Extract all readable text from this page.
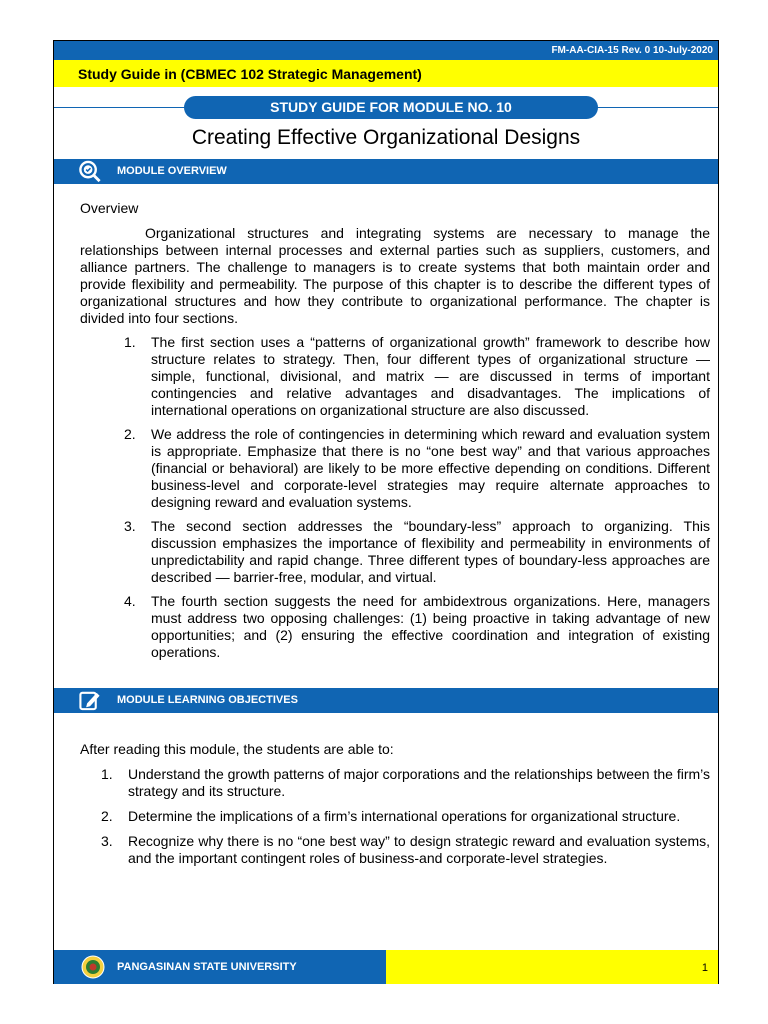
FM-AA-CIA-15 Rev. 0 10-July-2020
Study Guide in (CBMEC 102 Strategic Management)
STUDY GUIDE FOR MODULE NO. 10
Creating Effective Organizational Designs
MODULE OVERVIEW

Overview

Organizational structures and integrating systems are necessary to manage the relationships between internal processes and external parties such as suppliers, customers, and alliance partners. The challenge to managers is to create systems that both maintain order and provide flexibility and permeability. The purpose of this chapter is to describe the different types of organizational structures and how they contribute to organizational performance. The chapter is divided into four sections.

1. The first section uses a “patterns of organizational growth” framework to describe how structure relates to strategy. Then, four different types of organizational structure — simple, functional, divisional, and matrix — are discussed in terms of important contingencies and relative advantages and disadvantages. The implications of international operations on organizational structure are also discussed.
2. We address the role of contingencies in determining which reward and evaluation system is appropriate. Emphasize that there is no “one best way” and that various approaches (financial or behavioral) are likely to be more effective depending on conditions. Different business-level and corporate-level strategies may require alternate approaches to designing reward and evaluation systems.
3. The second section addresses the “boundary-less” approach to organizing. This discussion emphasizes the importance of flexibility and permeability in environments of unpredictability and rapid change. Three different types of boundary-less approaches are described — barrier-free, modular, and virtual.
4. The fourth section suggests the need for ambidextrous organizations. Here, managers must address two opposing challenges: (1) being proactive in taking advantage of new opportunities; and (2) ensuring the effective coordination and integration of existing operations.
MODULE LEARNING OBJECTIVES

After reading this module, the students are able to:

1. Understand the growth patterns of major corporations and the relationships between the firm’s strategy and its structure.
2. Determine the implications of a firm’s international operations for organizational structure.
3. Recognize why there is no “one best way” to design strategic reward and evaluation systems, and the important contingent roles of business-and corporate-level strategies.
PANGASINAN STATE UNIVERSITY	1
